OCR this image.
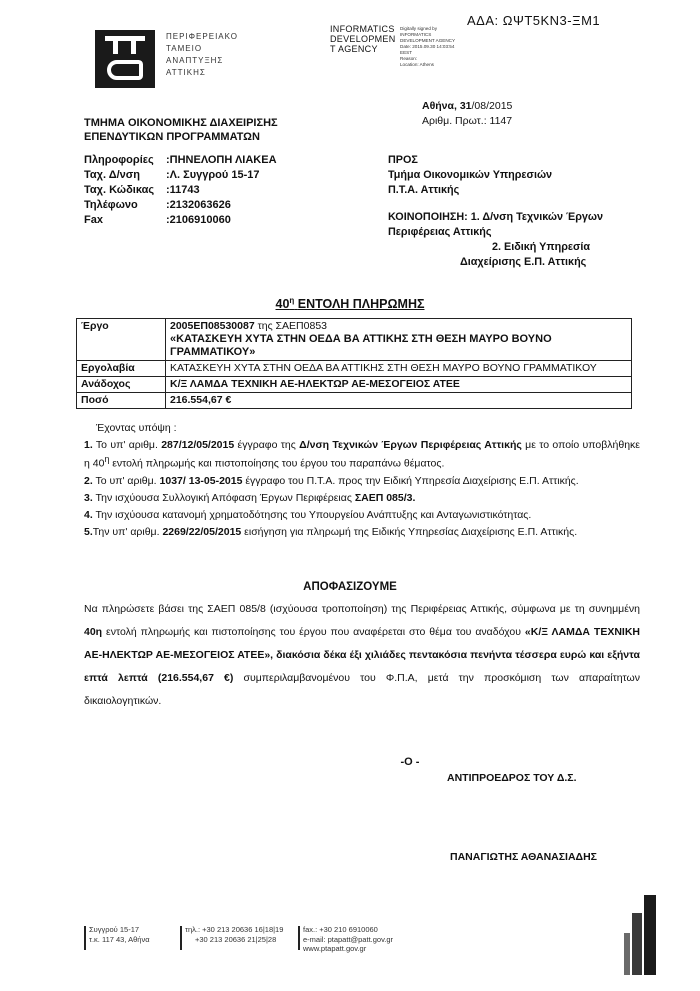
ΑΔΑ: ΩΨΤ5ΚΝ3-ΞΜ1
ΠΕΡΙΦΕΡΕΙΑΚΟ
ΤΑΜΕΙΟ
ΑΝΑΠΤΥΞΗΣ
ΑΤΤΙΚΗΣ
INFORMATICS
DEVELOPMEN
T AGENCY
Digitally signed by
INFORMATICS
DEVELOPMENT AGENCY
Date: 2015.09.30 14:03:54
EEST
Reason:
Location: Athens
Αθήνα, 31/08/2015
Αριθμ. Πρωτ.: 1147
ΤΜΗΜΑ ΟΙΚΟΝΟΜΙΚΗΣ ΔΙΑΧΕΙΡΙΣΗΣ
ΕΠΕΝΔΥΤΙΚΩΝ ΠΡΟΓΡΑΜΜΑΤΩΝ
Πληροφορίες	:ΠΗΝΕΛΟΠΗ ΛΙΑΚΕΑ
Ταχ. Δ/νση	:Λ. Συγγρού 15-17
Ταχ. Κώδικας	:11743
Τηλέφωνο	:2132063626
Fax	:2106910060
ΠΡΟΣ
Τμήμα Οικονομικών Υπηρεσιών
Π.Τ.Α. Αττικής
ΚΟΙΝΟΠΟΙΗΣΗ: 1. Δ/νση Τεχνικών Έργων
Περιφέρειας Αττικής
2. Ειδική Υπηρεσία
Διαχείρισης Ε.Π. Αττικής
$40^\eta$ ΕΝΤΟΛΗ ΠΛΗΡΩΜΗΣ
Έργο	2005ΕΠ08530087 της ΣΑΕΠ0853
«ΚΑΤΑΣΚΕΥΗ ΧΥΤΑ ΣΤΗΝ ΟΕΔΑ ΒΑ ΑΤΤΙΚΗΣ ΣΤΗ ΘΕΣΗ ΜΑΥΡΟ ΒΟΥΝΟ ΓΡΑΜΜΑΤΙΚΟΥ»
Εργολαβία	ΚΑΤΑΣΚΕΥΗ ΧΥΤΑ ΣΤΗΝ ΟΕΔΑ ΒΑ ΑΤΤΙΚΗΣ ΣΤΗ ΘΕΣΗ ΜΑΥΡΟ ΒΟΥΝΟ ΓΡΑΜΜΑΤΙΚΟΥ
Ανάδοχος	Κ/Ξ ΛΑΜΔΑ ΤΕΧΝΙΚΗ ΑΕ-ΗΛΕΚΤΩΡ ΑΕ-ΜΕΣΟΓΕΙΟΣ ΑΤΕΕ
Ποσό	216.554,67 €
Έχοντας υπόψη :
1. Το υπ' αριθμ. 287/12/05/2015 έγγραφο της Δ/νση Τεχνικών Έργων Περιφέρειας Αττικής με το οποίο υποβλήθηκε η $40^\eta$ εντολή πληρωμής και πιστοποίησης του έργου του παραπάνω θέματος.
2. Το υπ' αριθμ. 1037/ 13-05-2015 έγγραφο του Π.Τ.Α. προς την Ειδική Υπηρεσία Διαχείρισης Ε.Π. Αττικής.
3. Την ισχύουσα Συλλογική Απόφαση Έργων Περιφέρειας ΣΑΕΠ 085/3.
4. Την ισχύουσα κατανομή χρηματοδότησης του Υπουργείου Ανάπτυξης και Ανταγωνιστικότητας.
5.Την υπ' αριθμ. 2269/22/05/2015 εισήγηση για πληρωμή της Ειδικής Υπηρεσίας Διαχείρισης Ε.Π. Αττικής.
ΑΠΟΦΑΣΙΖΟΥΜΕ
Να πληρώσετε βάσει της ΣΑΕΠ 085/8 (ισχύουσα τροποποίηση) της Περιφέρειας Αττικής, σύμφωνα με τη συνημμένη 40η εντολή πληρωμής και πιστοποίησης του έργου που αναφέρεται στο θέμα του αναδόχου «Κ/Ξ ΛΑΜΔΑ ΤΕΧΝΙΚΗ ΑΕ-ΗΛΕΚΤΩΡ ΑΕ-ΜΕΣΟΓΕΙΟΣ ΑΤΕΕ», διακόσια δέκα έξι χιλιάδες πεντακόσια πενήντα τέσσερα ευρώ και εξήντα επτά λεπτά (216.554,67 €) συμπεριλαμβανομένου του Φ.Π.Α, μετά την προσκόμιση των απαραίτητων δικαιολογητικών.
-Ο -
ΑΝΤΙΠΡΟΕΔΡΟΣ ΤΟΥ Δ.Σ.
ΠΑΝΑΓΙΩΤΗΣ ΑΘΑΝΑΣΙΑΔΗΣ
Συγγρού 15-17
τ.κ. 117 43, Αθήνα
τηλ.: +30 213 20636 16|18|19
+30 213 20636 21|25|28
fax.: +30 210 6910060
e-mail: ptapatt@patt.gov.gr
www.ptapatt.gov.gr
